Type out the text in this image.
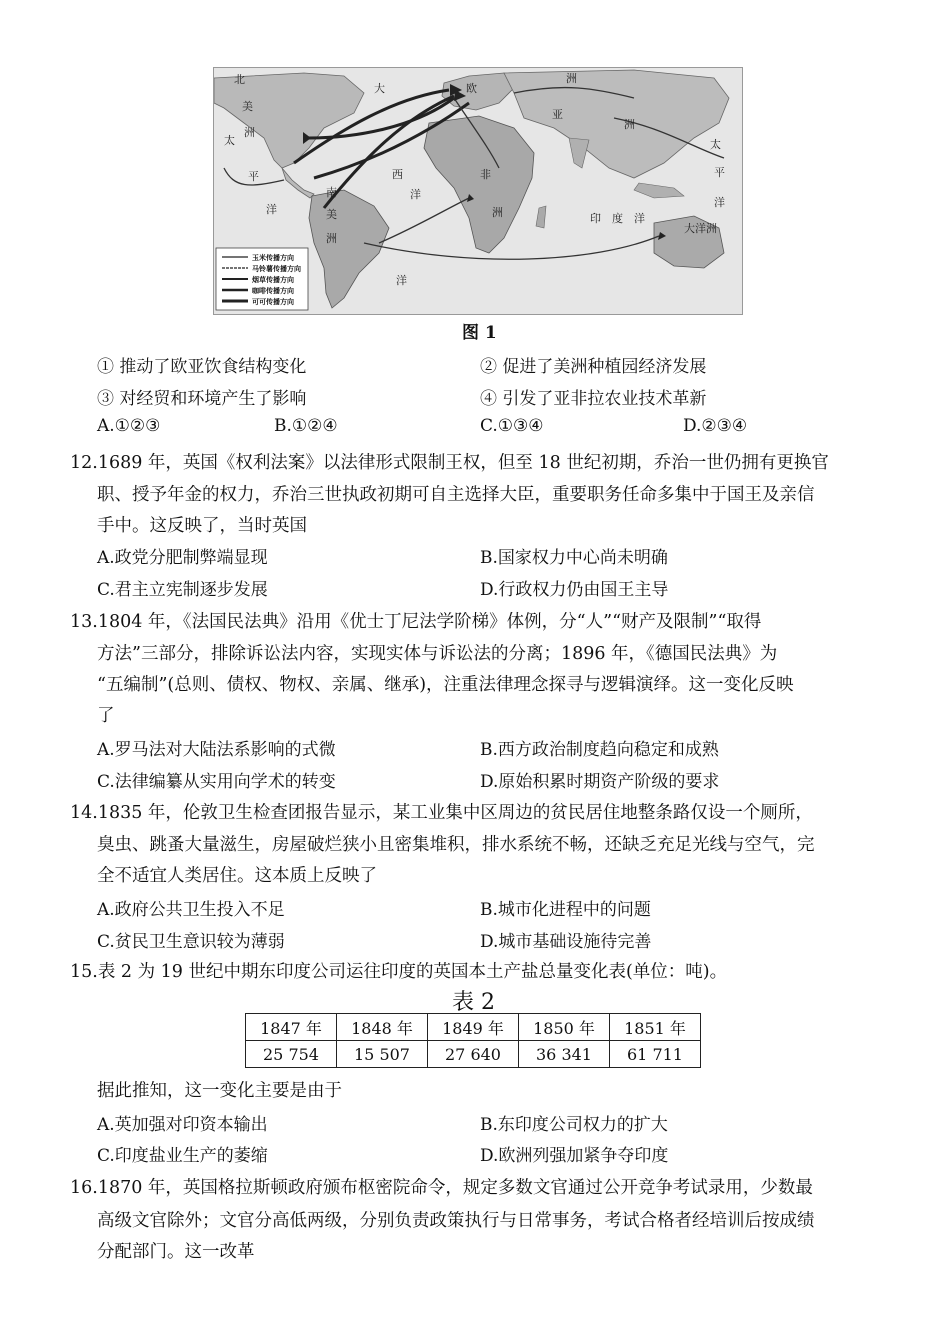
北
美
洲
大
西
洋
欧
洲
亚
洲
非
洲
太
平
洋
太
平
洋
南
美
洲
印 度 洋
大洋洲
洋
玉米传播方向
马铃薯传播方向
烟草传播方向
咖啡传播方向
可可传播方向
图 1
① 推动了欧亚饮食结构变化	② 促进了美洲种植园经济发展
③ 对经贸和环境产生了影响	④ 引发了亚非拉农业技术革新
A.①②③	B.①②④	C.①③④	D.②③④
12.1689 年，英国《权利法案》以法律形式限制王权，但至 18 世纪初期，乔治一世仍拥有更换官
职、授予年金的权力，乔治三世执政初期可自主选择大臣，重要职务任命多集中于国王及亲信
手中。这反映了，当时英国
A.政党分肥制弊端显现	B.国家权力中心尚未明确
C.君主立宪制逐步发展	D.行政权力仍由国王主导
13.1804 年，《法国民法典》沿用《优士丁尼法学阶梯》体例，分“人”“财产及限制”“取得
方法”三部分，排除诉讼法内容，实现实体与诉讼法的分离；1896 年，《德国民法典》为
“五编制”(总则、债权、物权、亲属、继承)，注重法律理念探寻与逻辑演绎。这一变化反映
了
A.罗马法对大陆法系影响的式微	B.西方政治制度趋向稳定和成熟
C.法律编纂从实用向学术的转变	D.原始积累时期资产阶级的要求
14.1835 年，伦敦卫生检查团报告显示，某工业集中区周边的贫民居住地整条路仅设一个厕所，
臭虫、跳蚤大量滋生，房屋破烂狭小且密集堆积，排水系统不畅，还缺乏充足光线与空气，完
全不适宜人类居住。这本质上反映了
A.政府公共卫生投入不足	B.城市化进程中的问题
C.贫民卫生意识较为薄弱	D.城市基础设施待完善
15.表 2 为 19 世纪中期东印度公司运往印度的英国本土产盐总量变化表(单位：吨)。
表 2
1847 年	1848 年	1849 年	1850 年	1851 年
25 754	15 507	27 640	36 341	61 711
据此推知，这一变化主要是由于
A.英加强对印资本输出	B.东印度公司权力的扩大
C.印度盐业生产的萎缩	D.欧洲列强加紧争夺印度
16.1870 年，英国格拉斯顿政府颁布枢密院命令，规定多数文官通过公开竞争考试录用，少数最
高级文官除外；文官分高低两级，分别负责政策执行与日常事务，考试合格者经培训后按成绩
分配部门。这一改革
